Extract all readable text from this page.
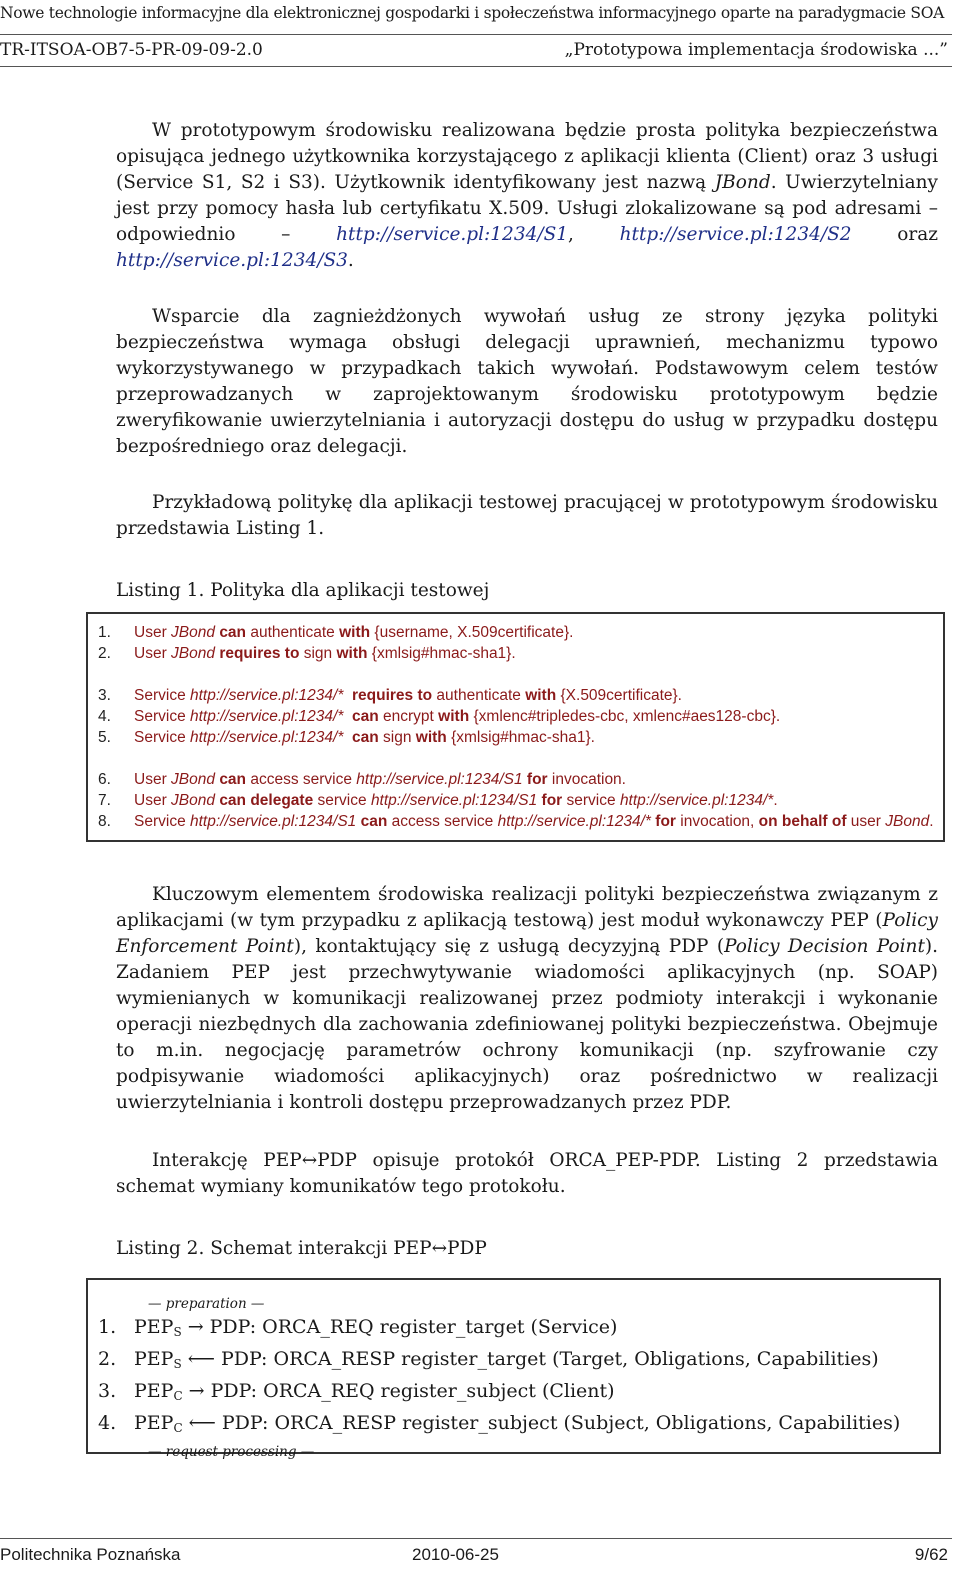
Nowe technologie informacyjne dla elektronicznej gospodarki i społeczeństwa informacyjnego oparte na paradygmacie SOA
TR-ITSOA-OB7-5-PR-09-09-2.0	„Prototypowa implementacja środowiska ...”
W prototypowym środowisku realizowana będzie prosta polityka bezpieczeństwa opisująca jednego użytkownika korzystającego z aplikacji klienta (Client) oraz 3 usługi (Service S1, S2 i S3). Użytkownik identyfikowany jest nazwą JBond. Uwierzytelniany jest przy pomocy hasła lub certyfikatu X.509. Usługi zlokalizowane są pod adresami – odpowiednio – http://service.pl:1234/S1, http://service.pl:1234/S2 oraz http://service.pl:1234/S3.
Wsparcie dla zagnieżdżonych wywołań usług ze strony języka polityki bezpieczeństwa wymaga obsługi delegacji uprawnień, mechanizmu typowo wykorzystywanego w przypadkach takich wywołań. Podstawowym celem testów przeprowadzanych w zaprojektowanym środowisku prototypowym będzie zweryfikowanie uwierzytelniania i autoryzacji dostępu do usług w przypadku dostępu bezpośredniego oraz delegacji.
Przykładową politykę dla aplikacji testowej pracującej w prototypowym środowisku przedstawia Listing 1.
Listing 1. Polityka dla aplikacji testowej
1.	User JBond can authenticate with {username, X.509certificate}.
2.	User JBond requires to sign with {xmlsig#hmac-sha1}.

3.	Service http://service.pl:1234/* requires to authenticate with {X.509certificate}.
4.	Service http://service.pl:1234/* can encrypt with {xmlenc#tripledes-cbc, xmlenc#aes128-cbc}.
5.	Service http://service.pl:1234/* can sign with {xmlsig#hmac-sha1}.

6.	User JBond can access service http://service.pl:1234/S1 for invocation.
7.	User JBond can delegate service http://service.pl:1234/S1 for service http://service.pl:1234/*.
8.	Service http://service.pl:1234/S1 can access service http://service.pl:1234/* for invocation, on behalf of user JBond.
Kluczowym elementem środowiska realizacji polityki bezpieczeństwa związanym z aplikacjami (w tym przypadku z aplikacją testową) jest moduł wykonawczy PEP (Policy Enforcement Point), kontaktujący się z usługą decyzyjną PDP (Policy Decision Point). Zadaniem PEP jest przechwytywanie wiadomości aplikacyjnych (np. SOAP) wymienianych w komunikacji realizowanej przez podmioty interakcji i wykonanie operacji niezbędnych dla zachowania zdefiniowanej polityki bezpieczeństwa. Obejmuje to m.in. negocjację parametrów ochrony komunikacji (np. szyfrowanie czy podpisywanie wiadomości aplikacyjnych) oraz pośrednictwo w realizacji uwierzytelniania i kontroli dostępu przeprowadzanych przez PDP.
Interakcję PEP↔PDP opisuje protokół ORCA_PEP-PDP. Listing 2 przedstawia schemat wymiany komunikatów tego protokołu.
Listing 2. Schemat interakcji PEP↔PDP
— preparation —
1. $PEP_S$ → PDP: ORCA_REQ register_target (Service)
2. $PEP_S$ ⟵ PDP: ORCA_RESP register_target (Target, Obligations, Capabilities)
3. $PEP_C$ → PDP: ORCA_REQ register_subject (Client)
4. $PEP_C$ ⟵ PDP: ORCA_RESP register_subject (Subject, Obligations, Capabilities)
— request processing —
Politechnika Poznańska	2010-06-25	9/62
